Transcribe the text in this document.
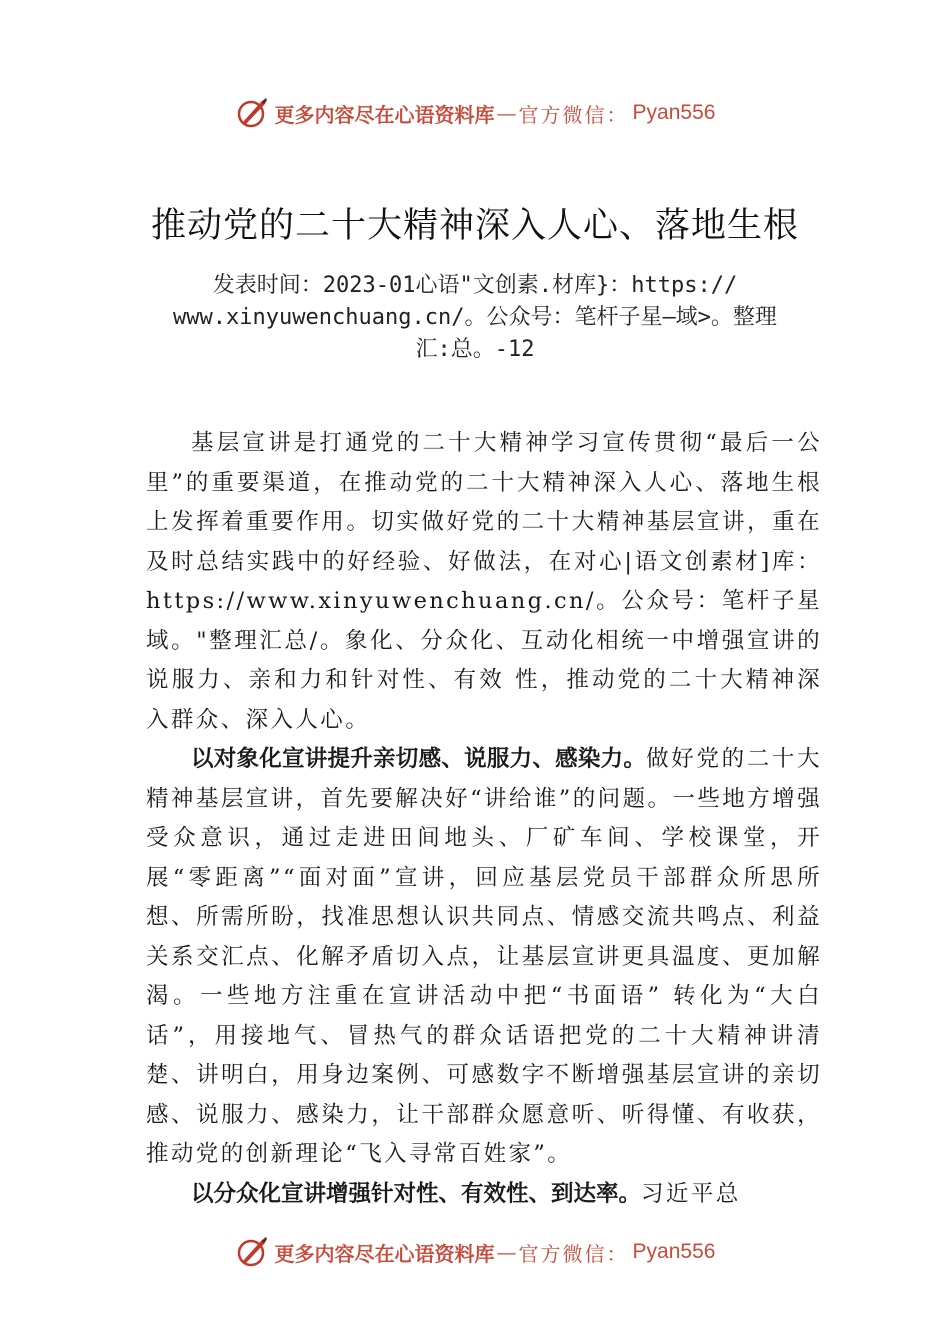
更多内容尽在心语资料库 — 官方微信： Pyan556
推动党的二十大精神深入人心、落地生根
发表时间：2023-01心语"文创素.材库}：https://
www.xinyuwenchuang.cn/。公众号：笔杆子星—域>。整理
汇:总。-12

基层宣讲是打通党的二十大精神学习宣传贯彻“最后一公里”的重要渠道，在推动党的二十大精神深入人心、落地生根上发挥着重要作用。切实做好党的二十大精神基层宣讲，重在及时总结实践中的好经验、好做法，在对心|语文创素材]库：https://www.xinyuwenchuang.cn/。公众号：笔杆子星域。"整理汇总/。象化、分众化、互动化相统一中增强宣讲的说服力、亲和力和针对性、有效 性，推动党的二十大精神深入群众、深入人心。

以对象化宣讲提升亲切感、说服力、感染力。做好党的二十大精神基层宣讲，首先要解决好“讲给谁”的问题。一些地方增强受众意识，通过走进田间地头、厂矿车间、学校课堂，开展“零距离”“面对面”宣讲，回应基层党员干部群众所思所想、所需所盼，找准思想认识共同点、情感交流共鸣点、利益关系交汇点、化解矛盾切入点，让基层宣讲更具温度、更加解渴。一些地方注重在宣讲活动中把“书面语” 转化为“大白话”，用接地气、冒热气的群众话语把党的二十大精神讲清楚、讲明白，用身边案例、可感数字不断增强基层宣讲的亲切感、说服力、感染力，让干部群众愿意听、听得懂、有收获，推动党的创新理论“飞入寻常百姓家”。

以分众化宣讲增强针对性、有效性、到达率。习近平总

更多内容尽在心语资料库 — 官方微信： Pyan556
